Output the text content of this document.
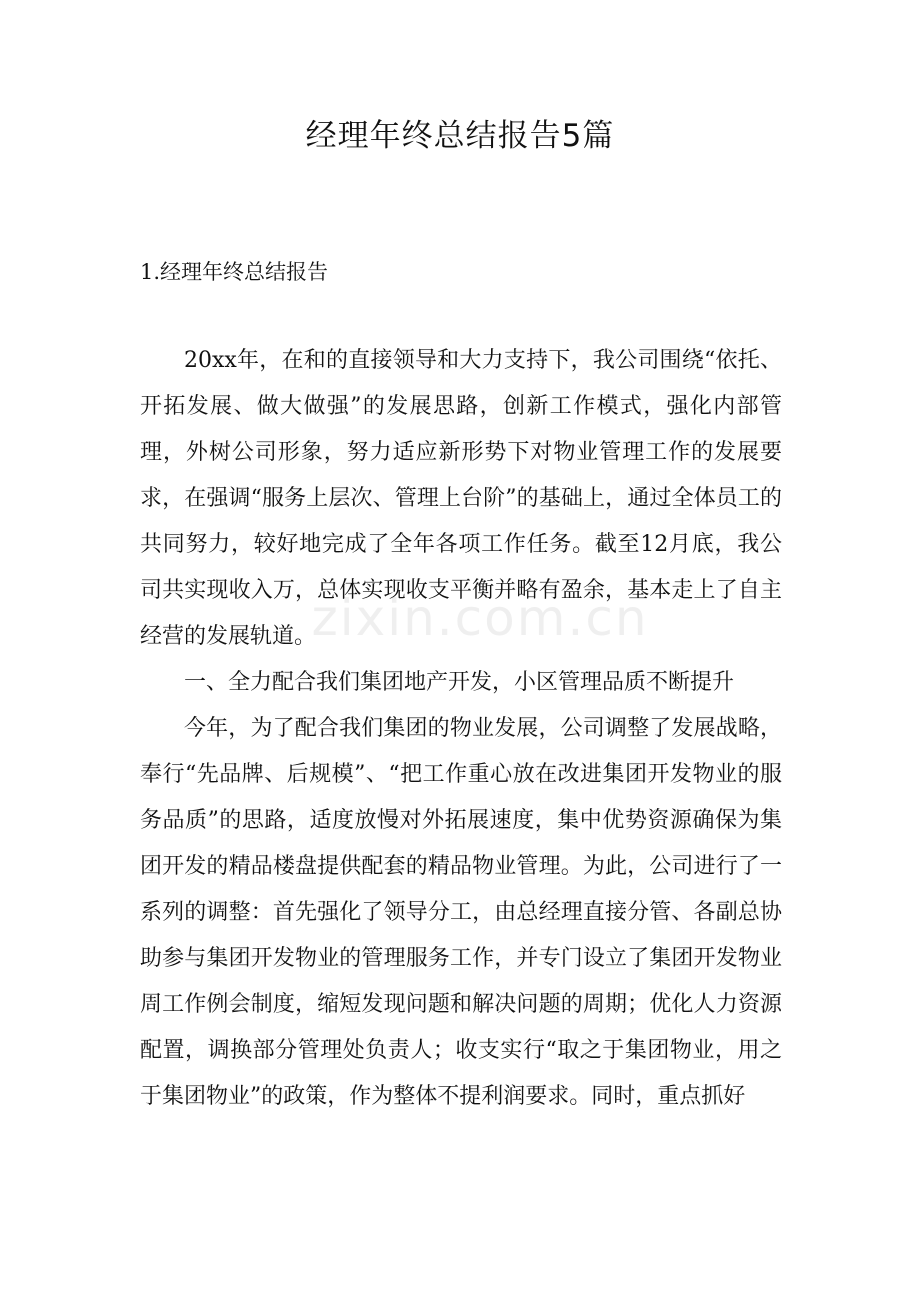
经理年终总结报告5篇
1.经理年终总结报告

20xx年，在和的直接领导和大力支持下，我公司围绕“依托、开拓发展、做大做强”的发展思路，创新工作模式，强化内部管理，外树公司形象，努力适应新形势下对物业管理工作的发展要求，在强调“服务上层次、管理上台阶”的基础上，通过全体员工的共同努力，较好地完成了全年各项工作任务。截至12月底，我公司共实现收入万，总体实现收支平衡并略有盈余，基本走上了自主经营的发展轨道。

一、全力配合我们集团地产开发，小区管理品质不断提升

今年，为了配合我们集团的物业发展，公司调整了发展战略，奉行“先品牌、后规模”、“把工作重心放在改进集团开发物业的服务品质”的思路，适度放慢对外拓展速度，集中优势资源确保为集团开发的精品楼盘提供配套的精品物业管理。为此，公司进行了一系列的调整：首先强化了领导分工，由总经理直接分管、各副总协助参与集团开发物业的管理服务工作，并专门设立了集团开发物业周工作例会制度，缩短发现问题和解决问题的周期；优化人力资源配置，调换部分管理处负责人；收支实行“取之于集团物业，用之于集团物业”的政策，作为整体不提利润要求。同时，重点抓好

zixin.com.cn
